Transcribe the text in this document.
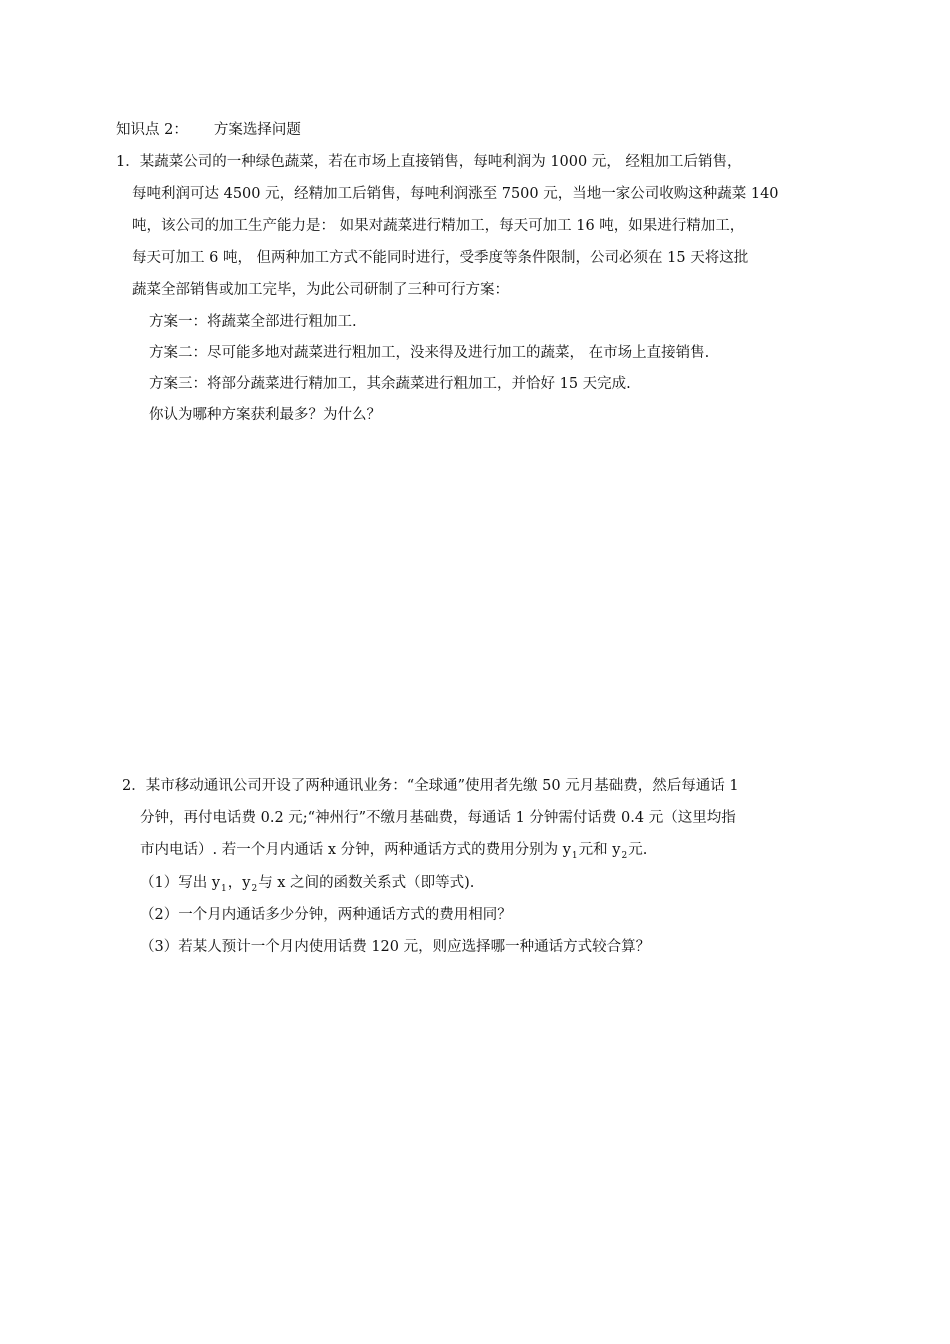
知识点 2： 方案选择问题
1．某蔬菜公司的一种绿色蔬菜，若在市场上直接销售，每吨利润为 1000 元， 经粗加工后销售，
每吨利润可达 4500 元，经精加工后销售，每吨利润涨至 7500 元，当地一家公司收购这种蔬菜 140
吨，该公司的加工生产能力是： 如果对蔬菜进行精加工，每天可加工 16 吨，如果进行精加工，
每天可加工 6 吨， 但两种加工方式不能同时进行，受季度等条件限制，公司必须在 15 天将这批
蔬菜全部销售或加工完毕，为此公司研制了三种可行方案：
方案一：将蔬菜全部进行粗加工.
方案二：尽可能多地对蔬菜进行粗加工，没来得及进行加工的蔬菜， 在市场上直接销售.
方案三：将部分蔬菜进行精加工，其余蔬菜进行粗加工，并恰好 15 天完成.
你认为哪种方案获利最多？为什么？
2．某市移动通讯公司开设了两种通讯业务：“全球通”使用者先缴 50 元月基础费，然后每通话 1
分钟，再付电话费 0.2 元;“神州行”不缴月基础费，每通话 1 分钟需付话费 0.4 元（这里均指
市内电话）. 若一个月内通话 x 分钟，两种通话方式的费用分别为 $y_1$元和 $y_2$元.
（1）写出 $y_1$，$y_2$与 x 之间的函数关系式（即等式).
（2）一个月内通话多少分钟，两种通话方式的费用相同？
（3）若某人预计一个月内使用话费 120 元，则应选择哪一种通话方式较合算？
